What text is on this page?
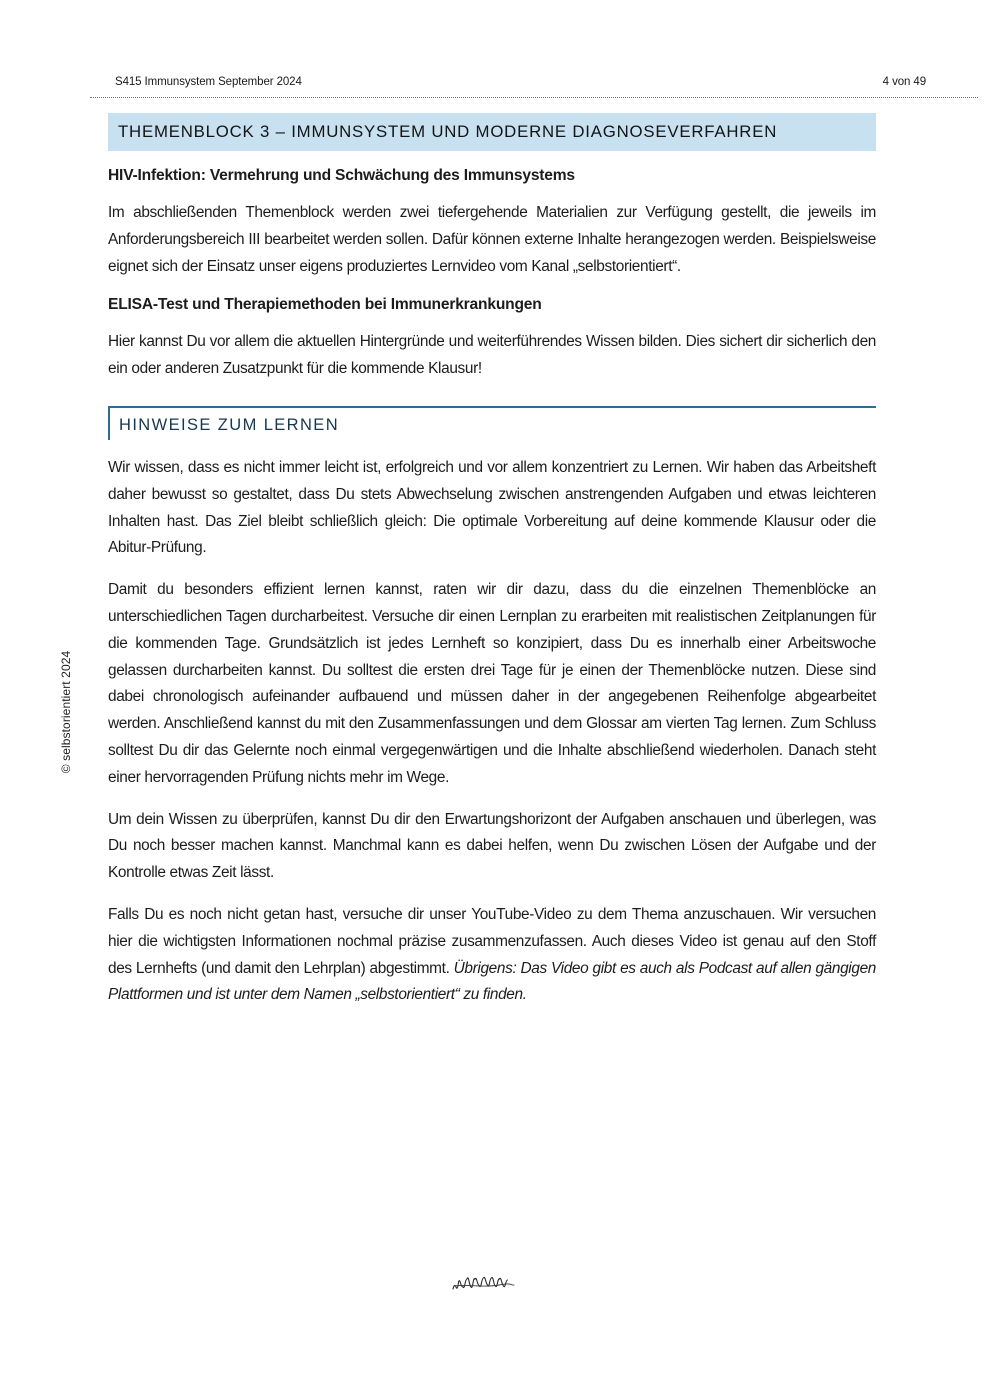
S415 Immunsystem September 2024	4 von 49
THEMENBLOCK 3 – IMMUNSYSTEM UND MODERNE DIAGNOSEVERFAHREN
HIV-Infektion: Vermehrung und Schwächung des Immunsystems

Im abschließenden Themenblock werden zwei tiefergehende Materialien zur Verfügung gestellt, die jeweils im Anforderungsbereich III bearbeitet werden sollen. Dafür können externe Inhalte herangezogen werden. Beispielsweise eignet sich der Einsatz unser eigens produziertes Lernvideo vom Kanal „selbstorientiert“.

ELISA-Test und Therapiemethoden bei Immunerkrankungen

Hier kannst Du vor allem die aktuellen Hintergründe und weiterführendes Wissen bilden. Dies sichert dir sicherlich den ein oder anderen Zusatzpunkt für die kommende Klausur!

HINWEISE ZUM LERNEN

Wir wissen, dass es nicht immer leicht ist, erfolgreich und vor allem konzentriert zu Lernen. Wir haben das Arbeitsheft daher bewusst so gestaltet, dass Du stets Abwechselung zwischen anstrengenden Aufgaben und etwas leichteren Inhalten hast. Das Ziel bleibt schließlich gleich: Die optimale Vorbereitung auf deine kommende Klausur oder die Abitur-Prüfung.

Damit du besonders effizient lernen kannst, raten wir dir dazu, dass du die einzelnen Themenblöcke an unterschiedlichen Tagen durcharbeitest. Versuche dir einen Lernplan zu erarbeiten mit realistischen Zeitplanungen für die kommenden Tage. Grundsätzlich ist jedes Lernheft so konzipiert, dass Du es innerhalb einer Arbeitswoche gelassen durcharbeiten kannst. Du solltest die ersten drei Tage für je einen der Themenblöcke nutzen. Diese sind dabei chronologisch aufeinander aufbauend und müssen daher in der angegebenen Reihenfolge abgearbeitet werden. Anschließend kannst du mit den Zusammenfassungen und dem Glossar am vierten Tag lernen. Zum Schluss solltest Du dir das Gelernte noch einmal vergegenwärtigen und die Inhalte abschließend wiederholen. Danach steht einer hervorragenden Prüfung nichts mehr im Wege.

Um dein Wissen zu überprüfen, kannst Du dir den Erwartungshorizont der Aufgaben anschauen und überlegen, was Du noch besser machen kannst. Manchmal kann es dabei helfen, wenn Du zwischen Lösen der Aufgabe und der Kontrolle etwas Zeit lässt.

Falls Du es noch nicht getan hast, versuche dir unser YouTube-Video zu dem Thema anzuschauen. Wir versuchen hier die wichtigsten Informationen nochmal präzise zusammenzufassen. Auch dieses Video ist genau auf den Stoff des Lernhefts (und damit den Lehrplan) abgestimmt. Übrigens: Das Video gibt es auch als Podcast auf allen gängigen Plattformen und ist unter dem Namen „selbstorientiert“ zu finden.

© selbstorientiert 2024
